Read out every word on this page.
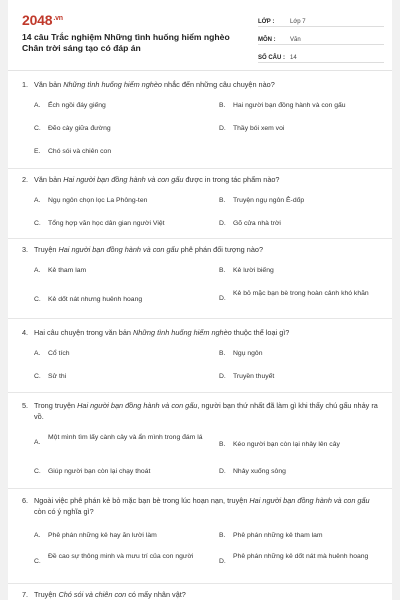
$2048^{.vn}$
14 câu Trắc nghiệm Những tình huống hiểm nghèo Chân trời sáng tạo có đáp án
LỚP :	Lớp 7
MÔN :	Văn
SỐ CÂU : 14
1. Văn bản Những tình huống hiểm nghèo nhắc đến những câu chuyện nào?
A.	Ếch ngồi đáy giếng	B.	Hai người bạn đồng hành và con gấu
C.	Đẽo cày giữa đường	D.	Thầy bói xem voi
E.	Chó sói và chiên con
2. Văn bản Hai người bạn đồng hành và con gấu được in trong tác phẩm nào?
A.	Ngụ ngôn chọn lọc La Phông-ten	B.	Truyện ngụ ngôn Ê-dốp
C.	Tổng hợp văn học dân gian người Việt	D.	Gõ cửa nhà trời
3. Truyện Hai người bạn đồng hành và con gấu phê phán đối tượng nào?
A.	Kẻ tham lam	B.	Kẻ lười biếng
C.	Kẻ dốt nát nhưng huênh hoang	D.
Kẻ bỏ mặc bạn bè trong hoàn cảnh khó khăn
4. Hai câu chuyện trong văn bản Những tình huống hiểm nghèo thuộc thể loại gì?
A.	Cổ tích	B.	Ngụ ngôn
C.	Sử thi	D.	Truyền thuyết
5. Trong truyện Hai người bạn đồng hành và con gấu, người bạn thứ nhất đã làm gì khi thấy chú gấu nhảy ra vồ.
A.
Một mình tìm lấy cành cây và ẩn mình trong đám lá
B.	Kéo người bạn còn lại nhảy lên cây
C.	Giúp người bạn còn lại chạy thoát	D.	Nhảy xuống sông
6. Ngoài việc phê phán kẻ bỏ mặc bạn bè trong lúc hoạn nạn, truyện Hai người bạn đồng hành và con gấu còn có ý nghĩa gì?
A.	Phê phán những kẻ hay ăn lười làm	B.	Phê phán những kẻ tham lam
C.
Đề cao sự thông minh và mưu trí của con người
D.
Phê phán những kẻ dốt nát mà huênh hoang
7. Truyện Chó sói và chiên con có mấy nhân vật?
